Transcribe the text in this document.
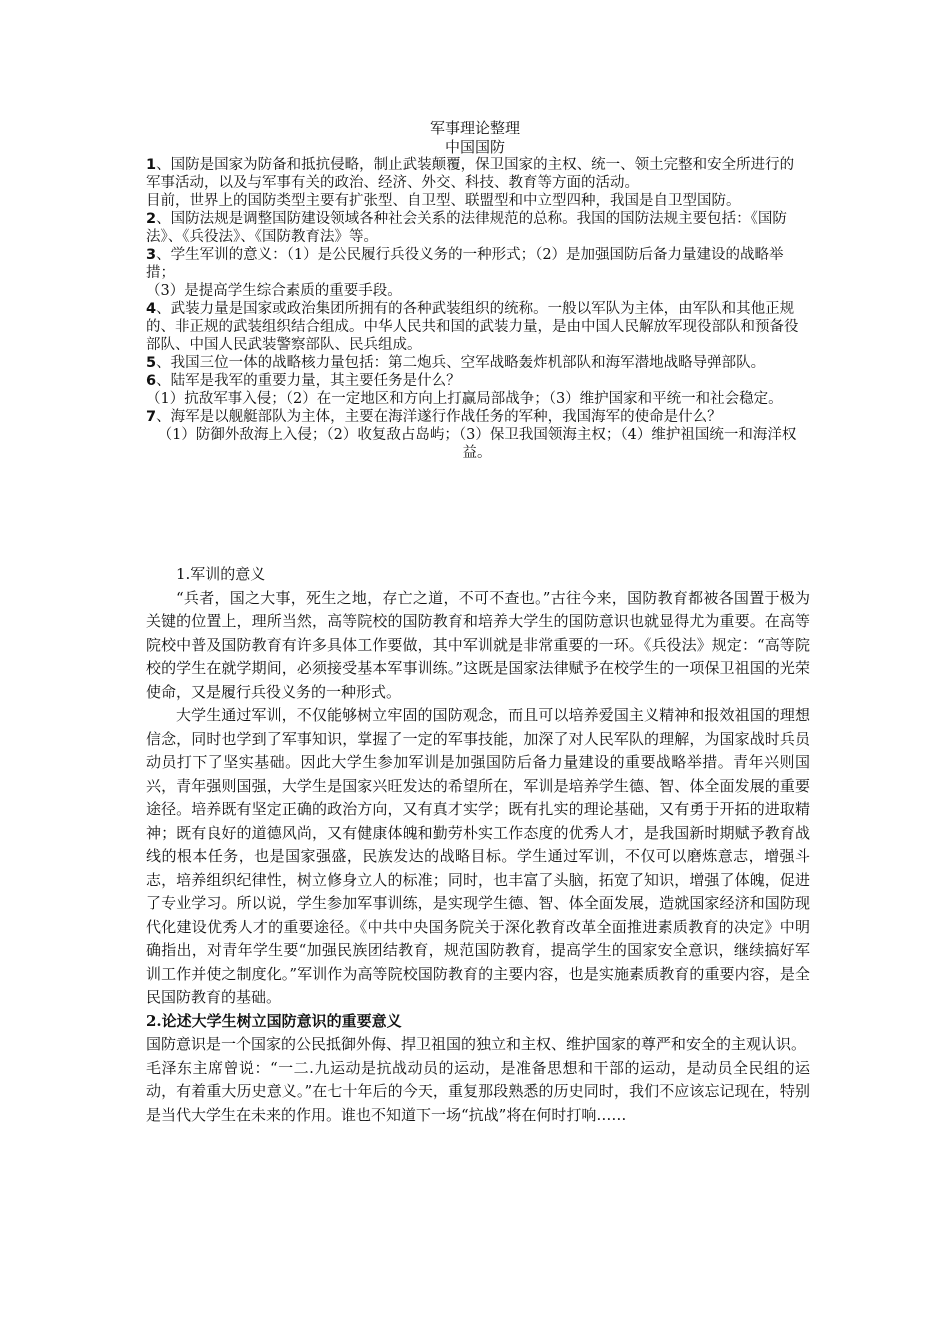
军事理论整理
中国国防

1、国防是国家为防备和抵抗侵略，制止武装颠覆，保卫国家的主权、统一、领土完整和安全所进行的军事活动，以及与军事有关的政治、经济、外交、科技、教育等方面的活动。

目前，世界上的国防类型主要有扩张型、自卫型、联盟型和中立型四种，我国是自卫型国防。

2、国防法规是调整国防建设领域各种社会关系的法律规范的总称。我国的国防法规主要包括：《国防法》、《兵役法》、《国防教育法》等。

3、学生军训的意义：（1）是公民履行兵役义务的一种形式；（2）是加强国防后备力量建设的战略举措；

（3）是提高学生综合素质的重要手段。

4、武装力量是国家或政治集团所拥有的各种武装组织的统称。一般以军队为主体，由军队和其他正规的、非正规的武装组织结合组成。中华人民共和国的武装力量，是由中国人民解放军现役部队和预备役部队、中国人民武装警察部队、民兵组成。

5、我国三位一体的战略核力量包括：第二炮兵、空军战略轰炸机部队和海军潜地战略导弹部队。

6、陆军是我军的重要力量，其主要任务是什么？

（1）抗敌军事入侵；（2）在一定地区和方向上打赢局部战争；（3）维护国家和平统一和社会稳定。

7、海军是以舰艇部队为主体，主要在海洋遂行作战任务的军种，我国海军的使命是什么？

（1）防御外敌海上入侵；（2）收复敌占岛屿；（3）保卫我国领海主权；（4）维护祖国统一和海洋权益。

1.军训的意义

“兵者，国之大事，死生之地，存亡之道，不可不查也。”古往今来，国防教育都被各国置于极为关键的位置上，理所当然，高等院校的国防教育和培养大学生的国防意识也就显得尤为重要。在高等院校中普及国防教育有许多具体工作要做，其中军训就是非常重要的一环。《兵役法》规定：“高等院校的学生在就学期间，必须接受基本军事训练。”这既是国家法律赋予在校学生的一项保卫祖国的光荣使命，又是履行兵役义务的一种形式。

大学生通过军训，不仅能够树立牢固的国防观念，而且可以培养爱国主义精神和报效祖国的理想信念，同时也学到了军事知识，掌握了一定的军事技能，加深了对人民军队的理解，为国家战时兵员动员打下了坚实基础。因此大学生参加军训是加强国防后备力量建设的重要战略举措。青年兴则国兴，青年强则国强，大学生是国家兴旺发达的希望所在，军训是培养学生德、智、体全面发展的重要途径。培养既有坚定正确的政治方向，又有真才实学；既有扎实的理论基础，又有勇于开拓的进取精神；既有良好的道德风尚，又有健康体魄和勤劳朴实工作态度的优秀人才，是我国新时期赋予教育战线的根本任务，也是国家强盛，民族发达的战略目标。学生通过军训，不仅可以磨炼意志，增强斗志，培养组织纪律性，树立修身立人的标准；同时，也丰富了头脑，拓宽了知识，增强了体魄，促进了专业学习。所以说，学生参加军事训练，是实现学生德、智、体全面发展，造就国家经济和国防现代化建设优秀人才的重要途径。《中共中央国务院关于深化教育改革全面推进素质教育的决定》中明确指出，对青年学生要“加强民族团结教育，规范国防教育，提高学生的国家安全意识，继续搞好军训工作并使之制度化。”军训作为高等院校国防教育的主要内容，也是实施素质教育的重要内容，是全民国防教育的基础。

2.论述大学生树立国防意识的重要意义

国防意识是一个国家的公民抵御外侮、捍卫祖国的独立和主权、维护国家的尊严和安全的主观认识。

毛泽东主席曾说：“一二.九运动是抗战动员的运动，是准备思想和干部的运动，是动员全民组的运动，有着重大历史意义。”在七十年后的今天，重复那段熟悉的历史同时，我们不应该忘记现在，特别是当代大学生在未来的作用。谁也不知道下一场“抗战”将在何时打响……
